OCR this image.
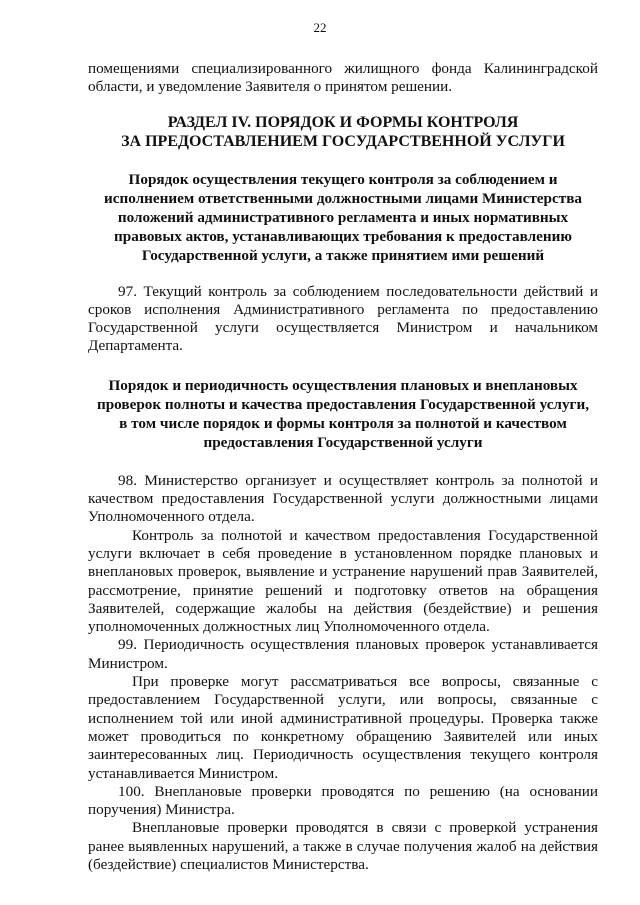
22

помещениями специализированного жилищного фонда Калининградской области, и уведомление Заявителя о принятом решении.

РАЗДЕЛ IV. ПОРЯДОК И ФОРМЫ КОНТРОЛЯ
ЗА ПРЕДОСТАВЛЕНИЕМ ГОСУДАРСТВЕННОЙ УСЛУГИ
Порядок осуществления текущего контроля за соблюдением и
исполнением ответственными должностными лицами Министерства
положений административного регламента и иных нормативных
правовых актов, устанавливающих требования к предоставлению
Государственной услуги, а также принятием ими решений

97. Текущий контроль за соблюдением последовательности действий и сроков исполнения Административного регламента по предоставлению Государственной услуги осуществляется Министром и начальником Департамента.

Порядок и периодичность осуществления плановых и внеплановых
проверок полноты и качества предоставления Государственной услуги,
в том числе порядок и формы контроля за полнотой и качеством
предоставления Государственной услуги

98. Министерство организует и осуществляет контроль за полнотой и качеством предоставления Государственной услуги должностными лицами Уполномоченного отдела.

Контроль за полнотой и качеством предоставления Государственной услуги включает в себя проведение в установленном порядке плановых и внеплановых проверок, выявление и устранение нарушений прав Заявителей, рассмотрение, принятие решений и подготовку ответов на обращения Заявителей, содержащие жалобы на действия (бездействие) и решения уполномоченных должностных лиц Уполномоченного отдела.

99. Периодичность осуществления плановых проверок устанавливается Министром.

При проверке могут рассматриваться все вопросы, связанные с предоставлением Государственной услуги, или вопросы, связанные с исполнением той или иной административной процедуры. Проверка также может проводиться по конкретному обращению Заявителей или иных заинтересованных лиц. Периодичность осуществления текущего контроля устанавливается Министром.

100. Внеплановые проверки проводятся по решению (на основании поручения) Министра.

Внеплановые проверки проводятся в связи с проверкой устранения ранее выявленных нарушений, а также в случае получения жалоб на действия (бездействие) специалистов Министерства.
